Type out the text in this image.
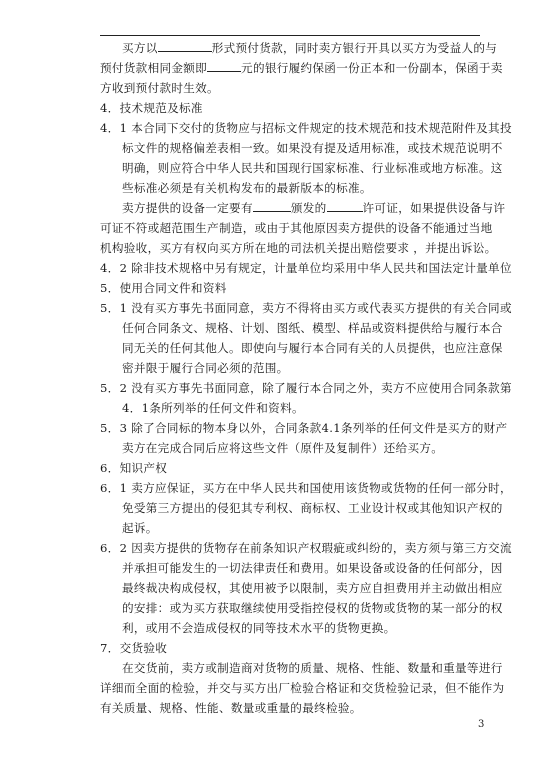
买方以	形式预付货款，同时卖方银行开具以买方为受益人的与
预付货款相同金额即	元的银行履约保函一份正本和一份副本，保函于卖
方收到预付款时生效。
4．技术规范及标准
4．1 本合同下交付的货物应与招标文件规定的技术规范和技术规范附件及其投
标文件的规格偏差表相一致。如果没有提及适用标准，或技术规范说明不
明确，则应符合中华人民共和国现行国家标准、行业标准或地方标准。这
些标准必须是有关机构发布的最新版本的标准。
卖方提供的设备一定要有	颁发的	许可证，如果提供设备与许
可证不符或超范围生产制造，或由于其他原因卖方提供的设备不能通过当地
机构验收，买方有权向买方所在地的司法机关提出赔偿要求 ，并提出诉讼。
4．2 除非技术规格中另有规定，计量单位均采用中华人民共和国法定计量单位
5．使用合同文件和资料
5．1 没有买方事先书面同意，卖方不得将由买方或代表买方提供的有关合同或
任何合同条文、规格、计划、图纸、模型、样品或资料提供给与履行本合
同无关的任何其他人。即使向与履行本合同有关的人员提供，也应注意保
密并限于履行合同必须的范围。
5．2 没有买方事先书面同意，除了履行本合同之外，卖方不应使用合同条款第
4．1条所列举的任何文件和资料。
5．3 除了合同标的物本身以外，合同条款4.1条列举的任何文件是买方的财产
卖方在完成合同后应将这些文件（原件及复制件）还给买方。
6．知识产权
6．1 卖方应保证，买方在中华人民共和国使用该货物或货物的任何一部分时，
免受第三方提出的侵犯其专利权、商标权、工业设计权或其他知识产权的
起诉。
6．2 因卖方提供的货物存在前条知识产权瑕疵或纠纷的，卖方须与第三方交流
并承担可能发生的一切法律责任和费用。如果设备或设备的任何部分，因
最终裁决构成侵权，其使用被予以限制，卖方应自担费用并主动做出相应
的安排：或为买方获取继续使用受指控侵权的货物或货物的某一部分的权
利，或用不会造成侵权的同等技术水平的货物更换。
7．交货验收
在交货前，卖方或制造商对货物的质量、规格、性能、数量和重量等进行
详细而全面的检验，并交与买方出厂检验合格证和交货检验记录，但不能作为
有关质量、规格、性能、数量或重量的最终检验。
3
